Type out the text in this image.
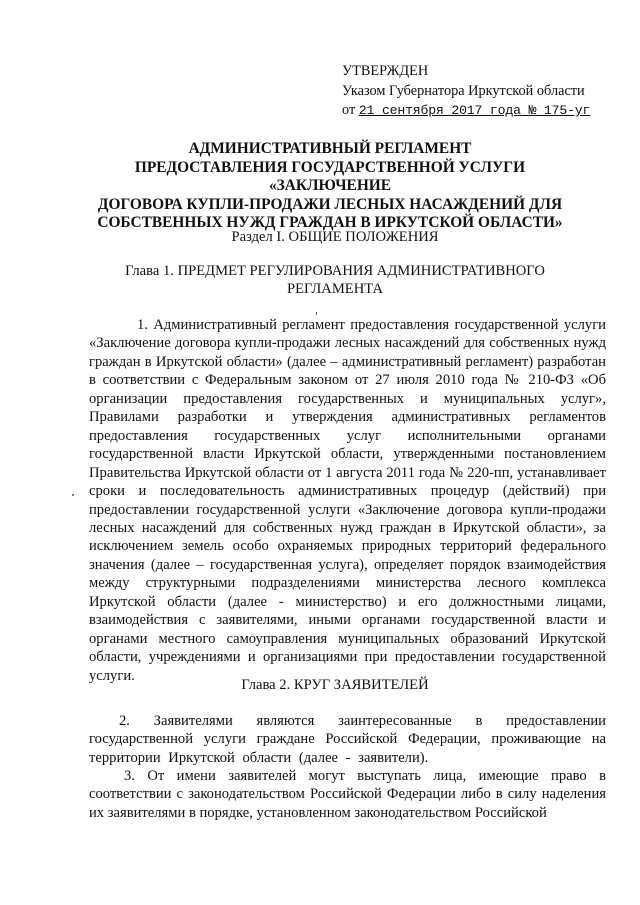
УТВЕРЖДЕН
Указом Губернатора Иркутской области
от 21 сентября 2017 года № 175-уг
АДМИНИСТРАТИВНЫЙ РЕГЛАМЕНТ
ПРЕДОСТАВЛЕНИЯ ГОСУДАРСТВЕННОЙ УСЛУГИ «ЗАКЛЮЧЕНИЕ
ДОГОВОРА КУПЛИ-ПРОДАЖИ ЛЕСНЫХ НАСАЖДЕНИЙ ДЛЯ
СОБСТВЕННЫХ НУЖД ГРАЖДАН В ИРКУТСКОЙ ОБЛАСТИ»
Раздел I. ОБЩИЕ ПОЛОЖЕНИЯ
Глава 1. ПРЕДМЕТ РЕГУЛИРОВАНИЯ АДМИНИСТРАТИВНОГО
РЕГЛАМЕНТА

1. Административный регламент предоставления государственной услуги «Заключение договора купли-продажи лесных насаждений для собственных нужд граждан в Иркутской области» (далее – административный регламент) разработан в соответствии с Федеральным законом от 27 июля 2010 года № 210-ФЗ «Об организации предоставления государственных и муниципальных услуг», Правилами разработки и утверждения административных регламентов предоставления государственных услуг исполнительными органами государственной власти Иркутской области, утвержденными постановлением Правительства Иркутской области от 1 августа 2011 года № 220-пп, устанавливает сроки и последовательность административных процедур (действий) при предоставлении государственной услуги «Заключение договора купли-продажи лесных насаждений для собственных нужд граждан в Иркутской области», за исключением земель особо охраняемых природных территорий федерального значения (далее – государственная услуга), определяет порядок взаимодействия между структурными подразделениями министерства лесного комплекса Иркутской области (далее - министерство) и его должностными лицами, взаимодействия с заявителями, иными органами государственной власти и органами местного самоуправления муниципальных образований Иркутской области, учреждениями и организациями при предоставлении государственной услуги.

Глава 2. КРУГ ЗАЯВИТЕЛЕЙ

2. Заявителями являются заинтересованные в предоставлении государственной услуги граждане Российской Федерации, проживающие на территории Иркутской области (далее - заявители).

3. От имени заявителей могут выступать лица, имеющие право в соответствии с законодательством Российской Федерации либо в силу наделения их заявителями в порядке, установленном законодательством Российской
